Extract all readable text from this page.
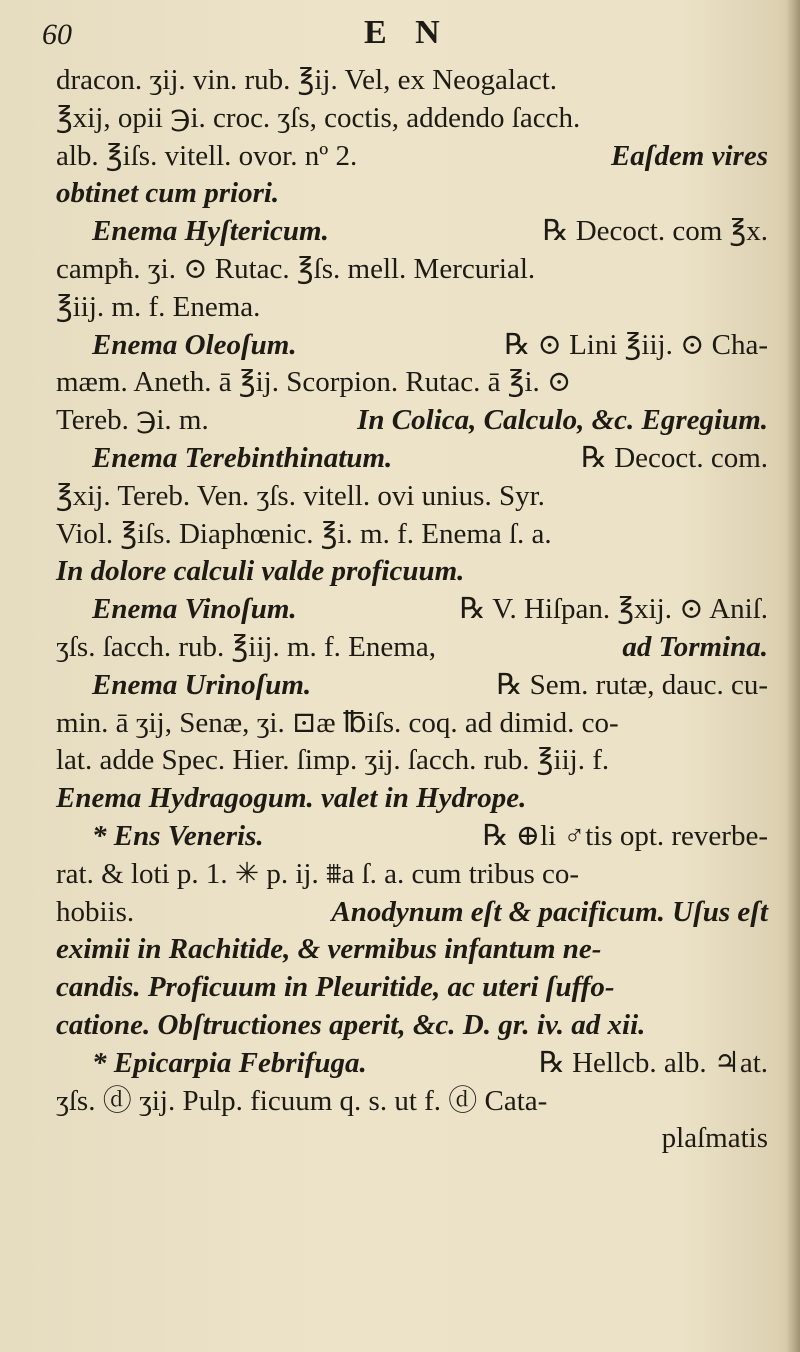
60	E N
dracon. ʒij. vin. rub. ℥ij. Vel, ex Neogalact.
℥xij, opii ℈i. croc. ʒſs, coctis, addendo ſacch.
alb. ℥iſs. vitell. ovor. nº 2.	Eaſdem vires
obtinet cum priori.
Enema Hyſtericum.	℞ Decoct. com ℥x.
campħ. ʒi. ⊙ Rutac. ℥ſs. mell. Mercurial.
℥iij. m. f. Enema.
Enema Oleoſum.	℞ ⊙ Lini ℥iij. ⊙ Cha-
mæm. Aneth. ā ℥ij. Scorpion. Rutac. ā ℥i. ⊙
Tereb. ℈i. m.	In Colica, Calculo, &c. Egregium.
Enema Terebinthinatum.	℞ Decoct. com.
℥xij. Tereb. Ven. ʒſs. vitell. ovi unius. Syr.
Viol. ℥iſs. Diaphœnic. ℥i. m. f. Enema ſ. a.
In dolore calculi valde proficuum.
Enema Vinoſum.	℞ V. Hiſpan. ℥xij. ⊙ Aniſ.
ʒſs. ſacch. rub. ℥iij. m. f. Enema,	ad Tormina.
Enema Urinoſum.	℞ Sem. rutæ, dauc. cu-
min. ā ʒij, Senæ, ʒi. ⊡æ ℔iſs. coq. ad dimid. co-
lat. adde Spec. Hier. ſimp. ʒij. ſacch. rub. ℥iij. f.
Enema Hydragogum. valet in Hydrope.
* Ens Veneris.	℞ ⊕li ♂tis opt. reverbe-
rat. & loti p. 1. ✳ p. ij. ⩩a ſ. a. cum tribus co-
hobiis.	Anodynum eſt & pacificum. Uſus eſt
eximii in Rachitide, & vermibus infantum ne-
candis. Proficuum in Pleuritide, ac uteri ſuffo-
catione. Obſtructiones aperit, &c. D. gr. iv. ad xii.
* Epicarpia Febrifuga.	℞ Hellcb. alb. ♃at.
ʒſs. ⓓ ʒij. Pulp. ficuum q. s. ut f. ⓓ Cata-
plaſmatis
